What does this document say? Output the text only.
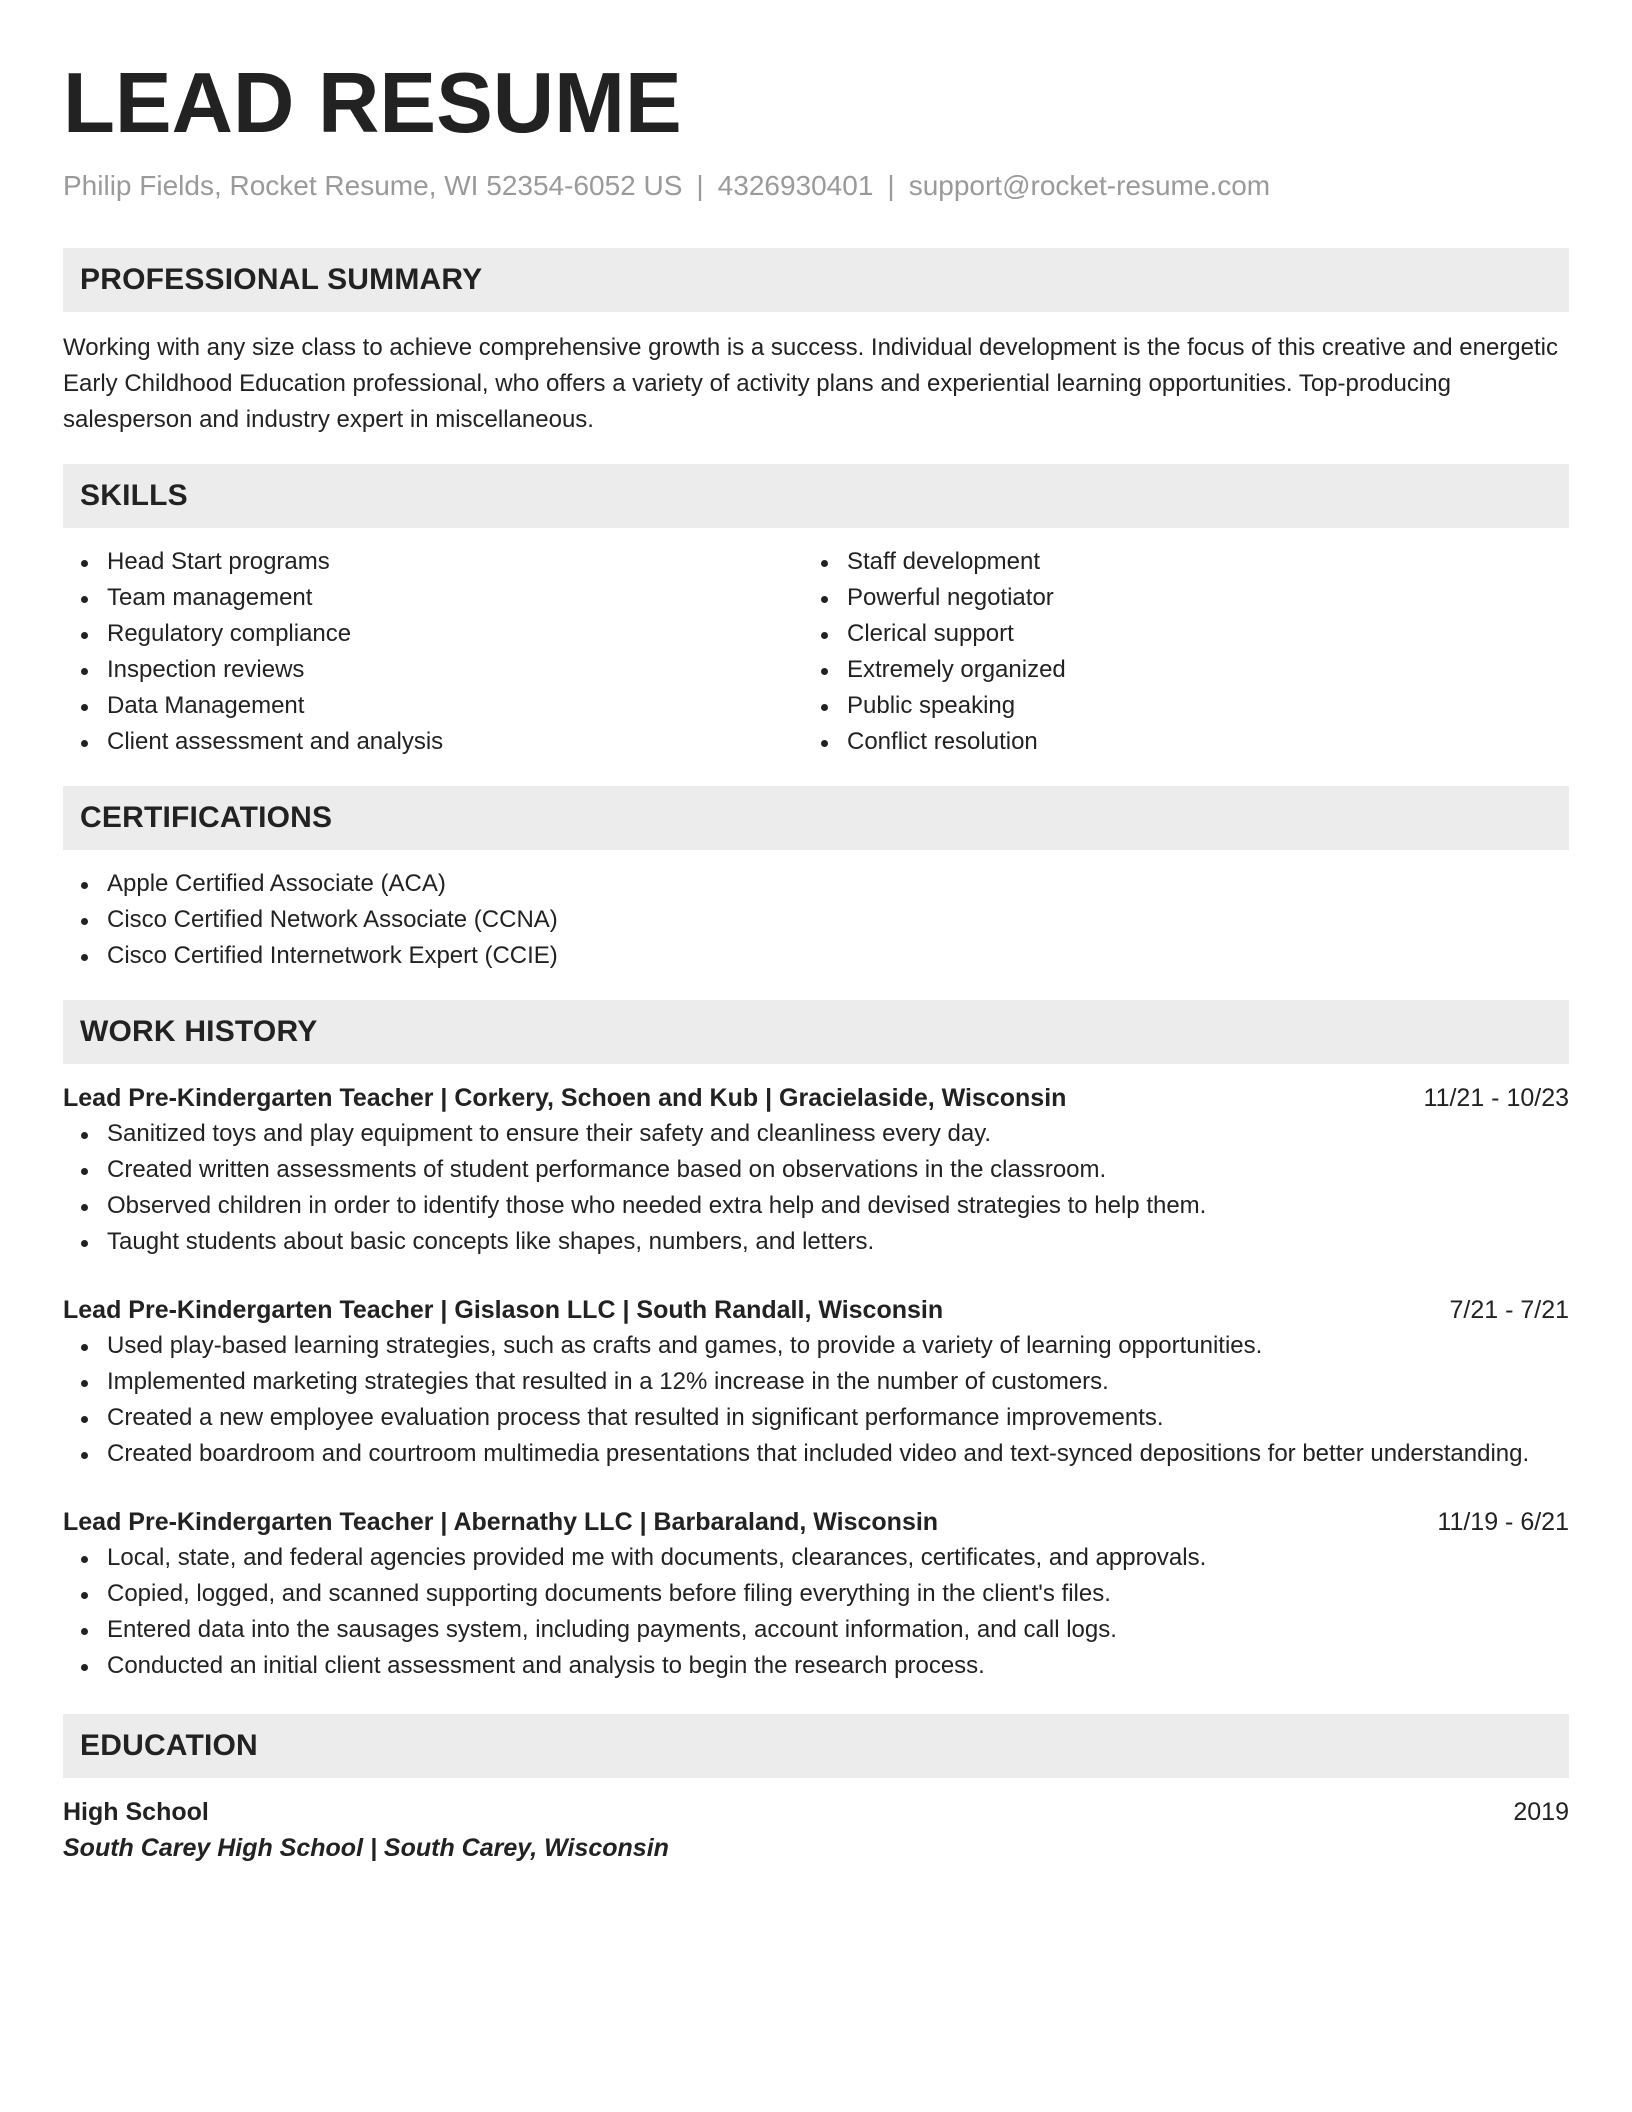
LEAD RESUME
Philip Fields, Rocket Resume, WI 52354-6052 US | 4326930401 | support@rocket-resume.com
PROFESSIONAL SUMMARY

Working with any size class to achieve comprehensive growth is a success. Individual development is the focus of this creative and energetic Early Childhood Education professional, who offers a variety of activity plans and experiential learning opportunities. Top-producing salesperson and industry expert in miscellaneous.

SKILLS
Head Start programs
Team management
Regulatory compliance
Inspection reviews
Data Management
Client assessment and analysis
Staff development
Powerful negotiator
Clerical support
Extremely organized
Public speaking
Conflict resolution
CERTIFICATIONS
Apple Certified Associate (ACA)
Cisco Certified Network Associate (CCNA)
Cisco Certified Internetwork Expert (CCIE)
WORK HISTORY
Lead Pre-Kindergarten Teacher | Corkery, Schoen and Kub | Gracielaside, Wisconsin	11/21 - 10/23
Sanitized toys and play equipment to ensure their safety and cleanliness every day.
Created written assessments of student performance based on observations in the classroom.
Observed children in order to identify those who needed extra help and devised strategies to help them.
Taught students about basic concepts like shapes, numbers, and letters.
Lead Pre-Kindergarten Teacher | Gislason LLC | South Randall, Wisconsin	7/21 - 7/21
Used play-based learning strategies, such as crafts and games, to provide a variety of learning opportunities.
Implemented marketing strategies that resulted in a 12% increase in the number of customers.
Created a new employee evaluation process that resulted in significant performance improvements.
Created boardroom and courtroom multimedia presentations that included video and text-synced depositions for better understanding.
Lead Pre-Kindergarten Teacher | Abernathy LLC | Barbaraland, Wisconsin	11/19 - 6/21
Local, state, and federal agencies provided me with documents, clearances, certificates, and approvals.
Copied, logged, and scanned supporting documents before filing everything in the client's files.
Entered data into the sausages system, including payments, account information, and call logs.
Conducted an initial client assessment and analysis to begin the research process.
EDUCATION
High School	2019
South Carey High School | South Carey, Wisconsin
